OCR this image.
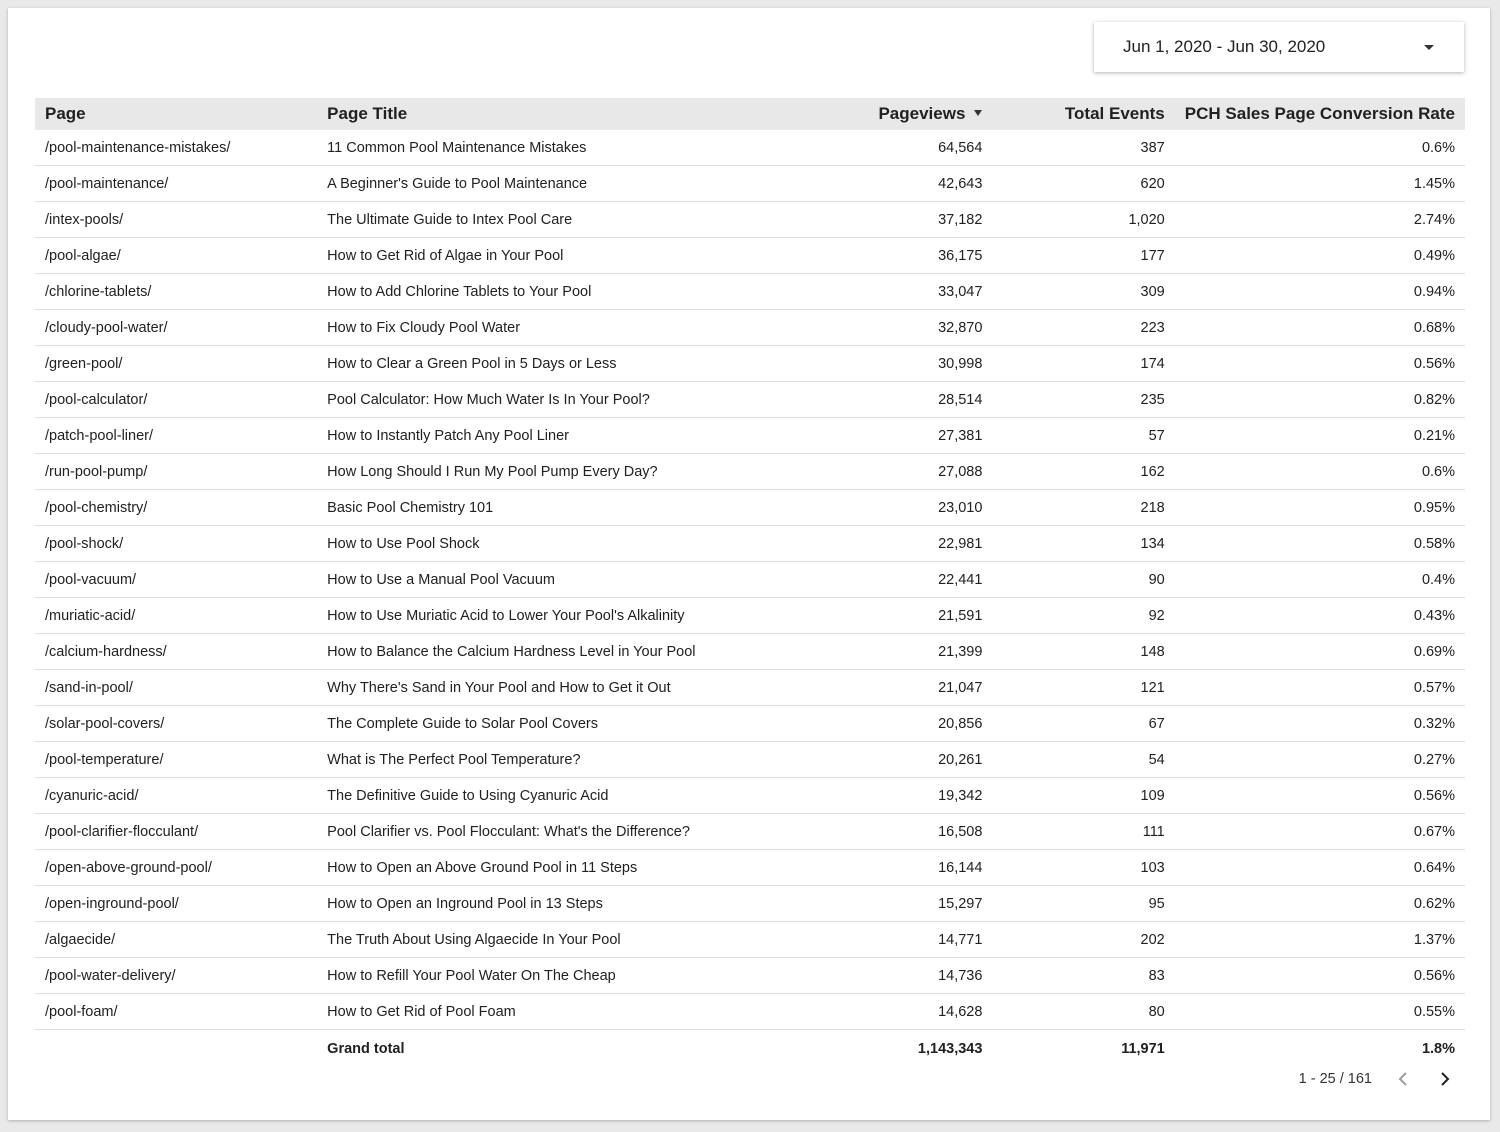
Jun 1, 2020 - Jun 30, 2020
Page	Page Title	Pageviews	Total Events	PCH Sales Page Conversion Rate
/pool-maintenance-mistakes/	11 Common Pool Maintenance Mistakes	64,564	387	0.6%
/pool-maintenance/	A Beginner's Guide to Pool Maintenance	42,643	620	1.45%
/intex-pools/	The Ultimate Guide to Intex Pool Care	37,182	1,020	2.74%
/pool-algae/	How to Get Rid of Algae in Your Pool	36,175	177	0.49%
/chlorine-tablets/	How to Add Chlorine Tablets to Your Pool	33,047	309	0.94%
/cloudy-pool-water/	How to Fix Cloudy Pool Water	32,870	223	0.68%
/green-pool/	How to Clear a Green Pool in 5 Days or Less	30,998	174	0.56%
/pool-calculator/	Pool Calculator: How Much Water Is In Your Pool?	28,514	235	0.82%
/patch-pool-liner/	How to Instantly Patch Any Pool Liner	27,381	57	0.21%
/run-pool-pump/	How Long Should I Run My Pool Pump Every Day?	27,088	162	0.6%
/pool-chemistry/	Basic Pool Chemistry 101	23,010	218	0.95%
/pool-shock/	How to Use Pool Shock	22,981	134	0.58%
/pool-vacuum/	How to Use a Manual Pool Vacuum	22,441	90	0.4%
/muriatic-acid/	How to Use Muriatic Acid to Lower Your Pool's Alkalinity	21,591	92	0.43%
/calcium-hardness/	How to Balance the Calcium Hardness Level in Your Pool	21,399	148	0.69%
/sand-in-pool/	Why There's Sand in Your Pool and How to Get it Out	21,047	121	0.57%
/solar-pool-covers/	The Complete Guide to Solar Pool Covers	20,856	67	0.32%
/pool-temperature/	What is The Perfect Pool Temperature?	20,261	54	0.27%
/cyanuric-acid/	The Definitive Guide to Using Cyanuric Acid	19,342	109	0.56%
/pool-clarifier-flocculant/	Pool Clarifier vs. Pool Flocculant: What's the Difference?	16,508	111	0.67%
/open-above-ground-pool/	How to Open an Above Ground Pool in 11 Steps	16,144	103	0.64%
/open-inground-pool/	How to Open an Inground Pool in 13 Steps	15,297	95	0.62%
/algaecide/	The Truth About Using Algaecide In Your Pool	14,771	202	1.37%
/pool-water-delivery/	How to Refill Your Pool Water On The Cheap	14,736	83	0.56%
/pool-foam/	How to Get Rid of Pool Foam	14,628	80	0.55%
	Grand total	1,143,343	11,971	1.8%
1 - 25 / 161
